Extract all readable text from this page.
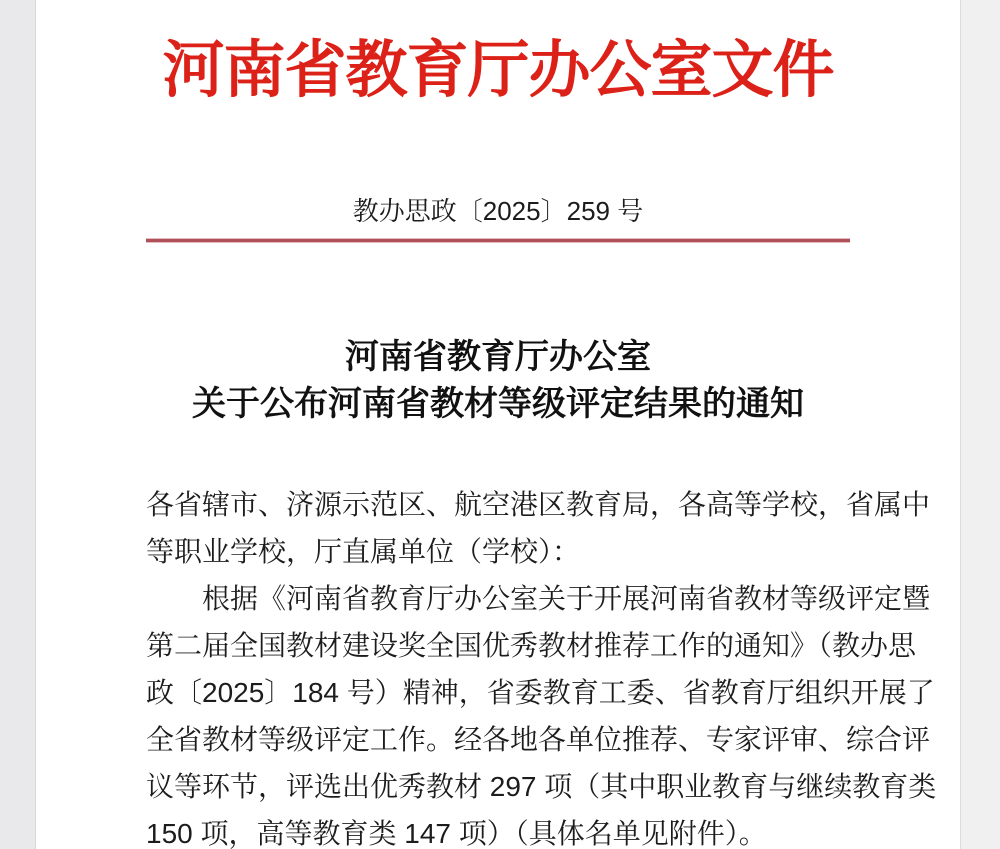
河南省教育厅办公室文件
教办思政〔2025〕259 号
河南省教育厅办公室
关于公布河南省教材等级评定结果的通知
各省辖市、济源示范区、航空港区教育局，各高等学校，省属中
等职业学校，厅直属单位（学校）：
根据《河南省教育厅办公室关于开展河南省教材等级评定暨
第二届全国教材建设奖全国优秀教材推荐工作的通知》（教办思
政〔2025〕184 号）精神，省委教育工委、省教育厅组织开展了
全省教材等级评定工作。经各地各单位推荐、专家评审、综合评
议等环节，评选出优秀教材 297 项（其中职业教育与继续教育类
150 项，高等教育类 147 项）（具体名单见附件）。
